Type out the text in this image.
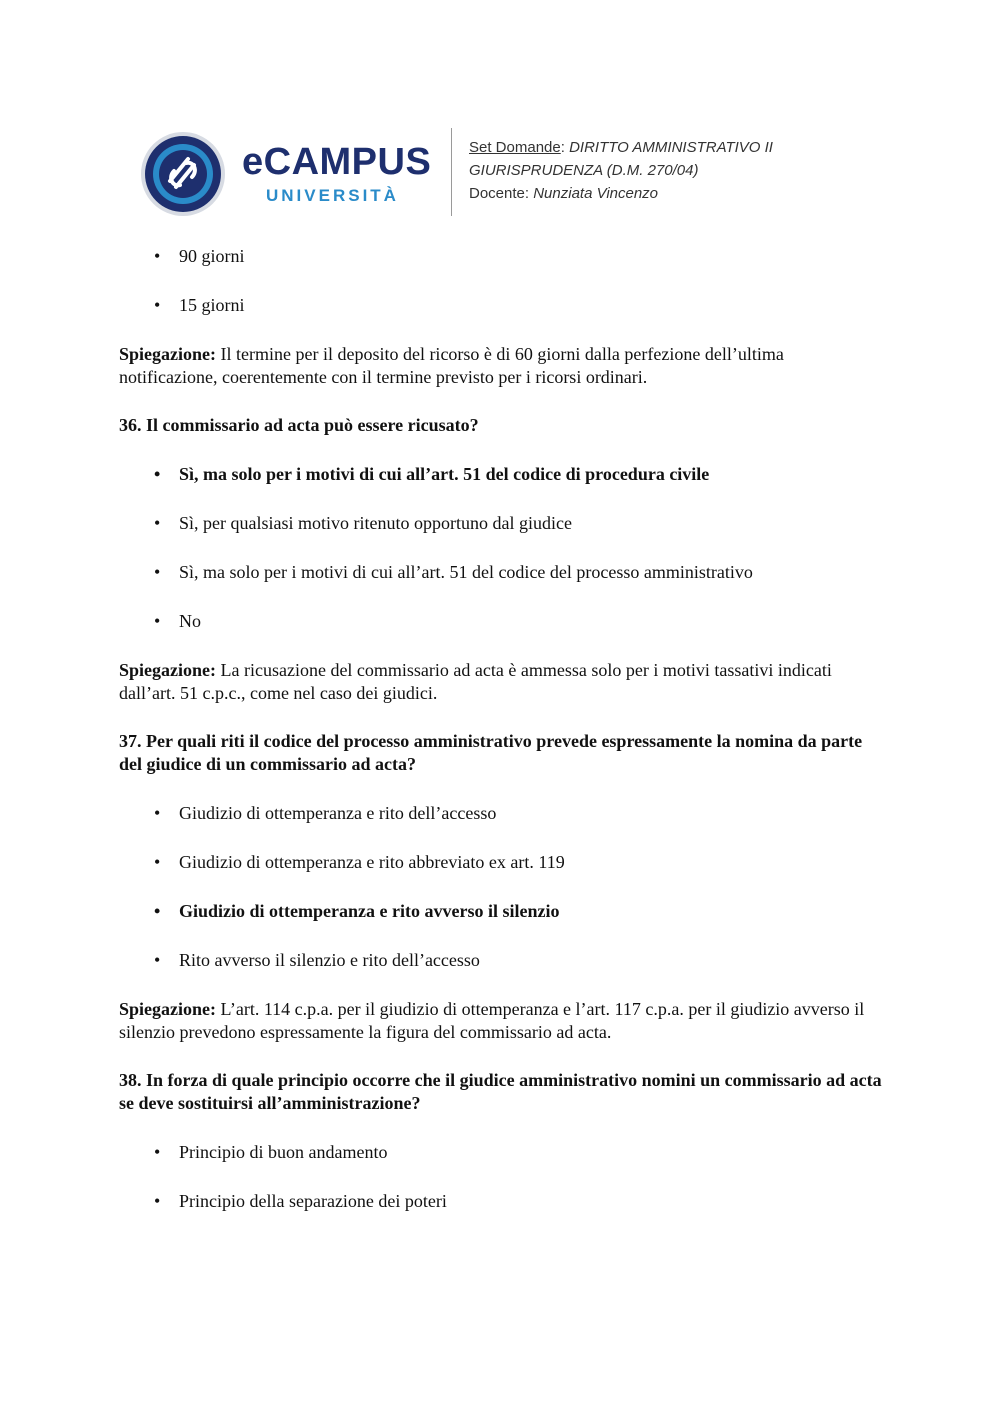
eCAMPUS
UNIVERSITÀ
Set Domande: DIRITTO AMMINISTRATIVO II
GIURISPRUDENZA (D.M. 270/04)
Docente: Nunziata Vincenzo
• 90 giorni
• 15 giorni

Spiegazione: Il termine per il deposito del ricorso è di 60 giorni dalla perfezione dell’ultima notificazione, coerentemente con il termine previsto per i ricorsi ordinari.

36. Il commissario ad acta può essere ricusato?

• Sì, ma solo per i motivi di cui all’art. 51 del codice di procedura civile
• Sì, per qualsiasi motivo ritenuto opportuno dal giudice
• Sì, ma solo per i motivi di cui all’art. 51 del codice del processo amministrativo
• No

Spiegazione: La ricusazione del commissario ad acta è ammessa solo per i motivi tassativi indicati dall’art. 51 c.p.c., come nel caso dei giudici.

37. Per quali riti il codice del processo amministrativo prevede espressamente la nomina da parte del giudice di un commissario ad acta?

• Giudizio di ottemperanza e rito dell’accesso
• Giudizio di ottemperanza e rito abbreviato ex art. 119
• Giudizio di ottemperanza e rito avverso il silenzio
• Rito avverso il silenzio e rito dell’accesso

Spiegazione: L’art. 114 c.p.a. per il giudizio di ottemperanza e l’art. 117 c.p.a. per il giudizio avverso il silenzio prevedono espressamente la figura del commissario ad acta.

38. In forza di quale principio occorre che il giudice amministrativo nomini un commissario ad acta se deve sostituirsi all’amministrazione?

• Principio di buon andamento
• Principio della separazione dei poteri
